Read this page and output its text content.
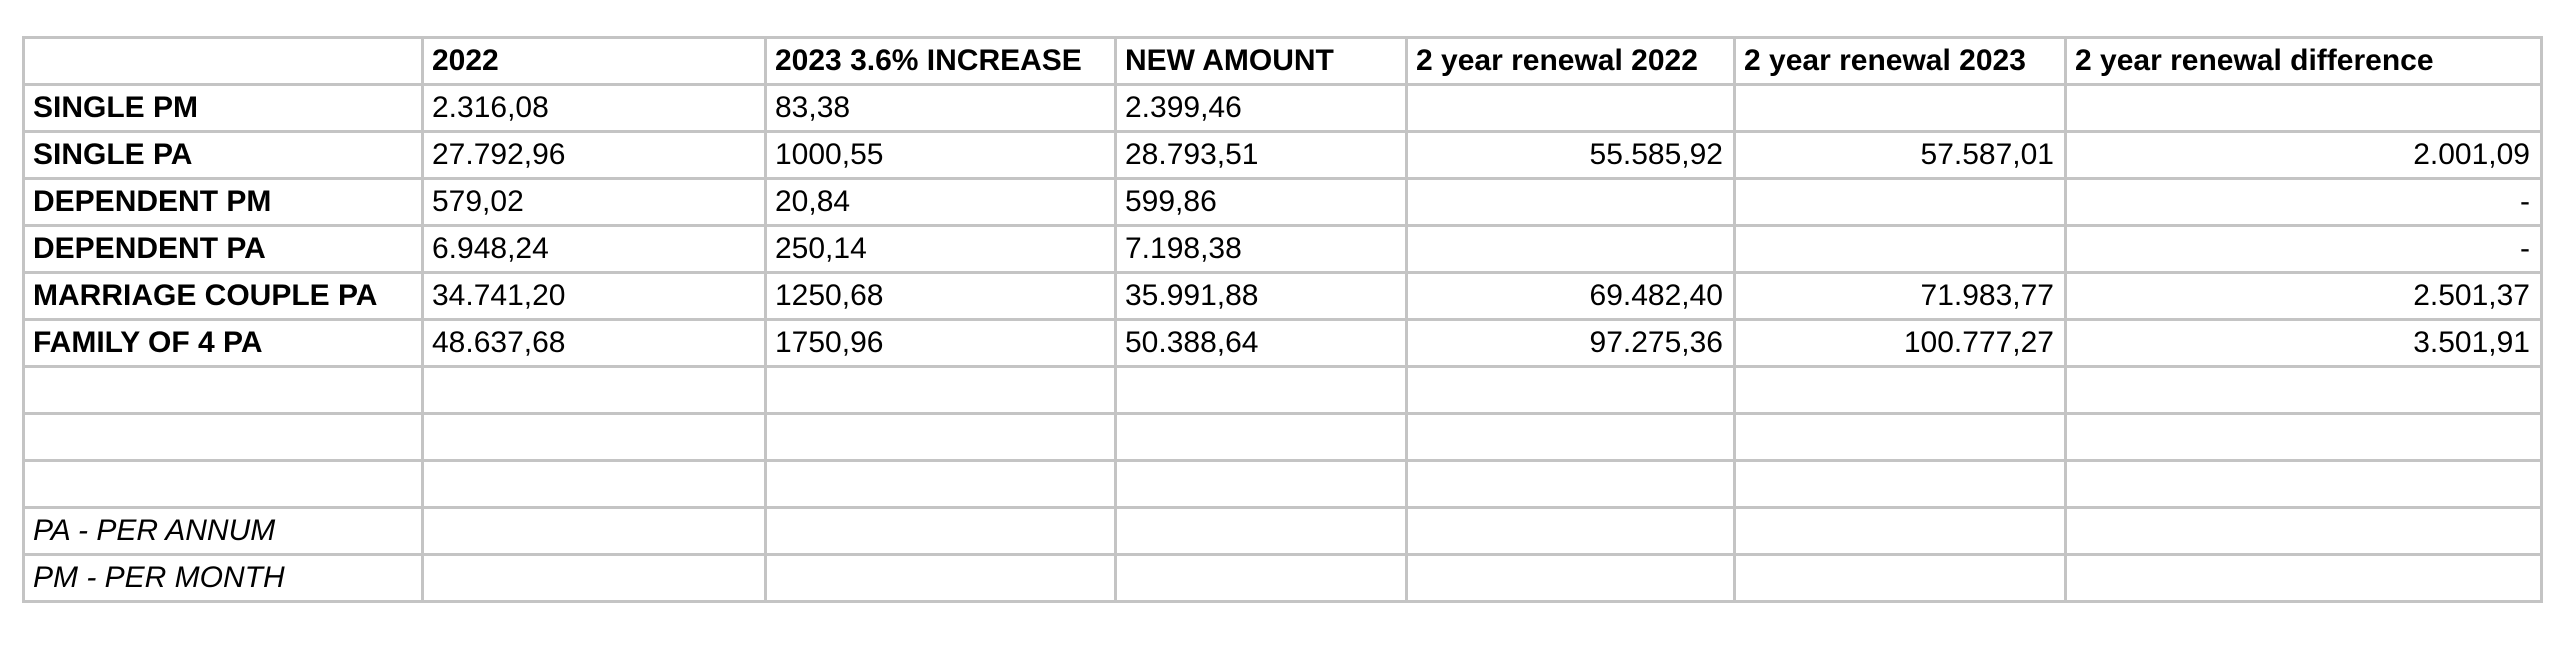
	2022	2023 3.6% INCREASE	NEW AMOUNT	2 year renewal 2022	2 year renewal 2023	2 year renewal difference
SINGLE PM	2.316,08	83,38	2.399,46			
SINGLE PA	27.792,96	1000,55	28.793,51	55.585,92	57.587,01	2.001,09
DEPENDENT PM	579,02	20,84	599,86			-
DEPENDENT PA	6.948,24	250,14	7.198,38			-
MARRIAGE COUPLE PA	34.741,20	1250,68	35.991,88	69.482,40	71.983,77	2.501,37
FAMILY OF 4 PA	48.637,68	1750,96	50.388,64	97.275,36	100.777,27	3.501,91

PA - PER ANNUM						
PM - PER MONTH						
